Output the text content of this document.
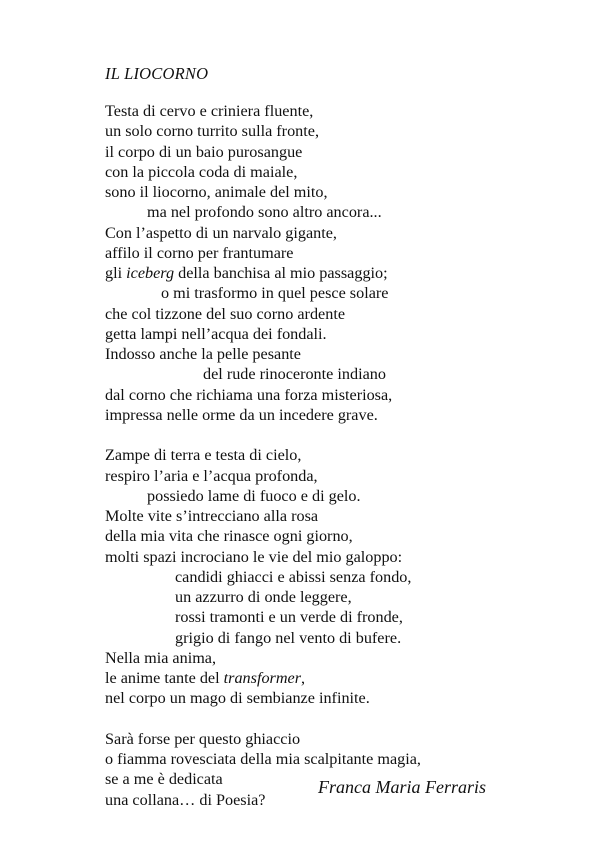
IL LIOCORNO
Testa di cervo e criniera fluente,
un solo corno turrito sulla fronte,
il corpo di un baio purosangue
con la piccola coda di maiale,
sono il liocorno, animale del mito,
ma nel profondo sono altro ancora...
Con l’aspetto di un narvalo gigante,
affilo il corno per frantumare
gli iceberg della banchisa al mio passaggio;
o mi trasformo in quel pesce solare
che col tizzone del suo corno ardente
getta lampi nell’acqua dei fondali.
Indosso anche la pelle pesante
del rude rinoceronte indiano
dal corno che richiama una forza misteriosa,
impressa nelle orme da un incedere grave.
Zampe di terra e testa di cielo,
respiro l’aria e l’acqua profonda,
possiedo lame di fuoco e di gelo.
Molte vite s’intrecciano alla rosa
della mia vita che rinasce ogni giorno,
molti spazi incrociano le vie del mio galoppo:
candidi ghiacci e abissi senza fondo,
un azzurro di onde leggere,
rossi tramonti e un verde di fronde,
grigio di fango nel vento di bufere.
Nella mia anima,
le anime tante del transformer,
nel corpo un mago di sembianze infinite.
Sarà forse per questo ghiaccio
o fiamma rovesciata della mia scalpitante magia,
se a me è dedicata
una collana… di Poesia?
Franca Maria Ferraris
